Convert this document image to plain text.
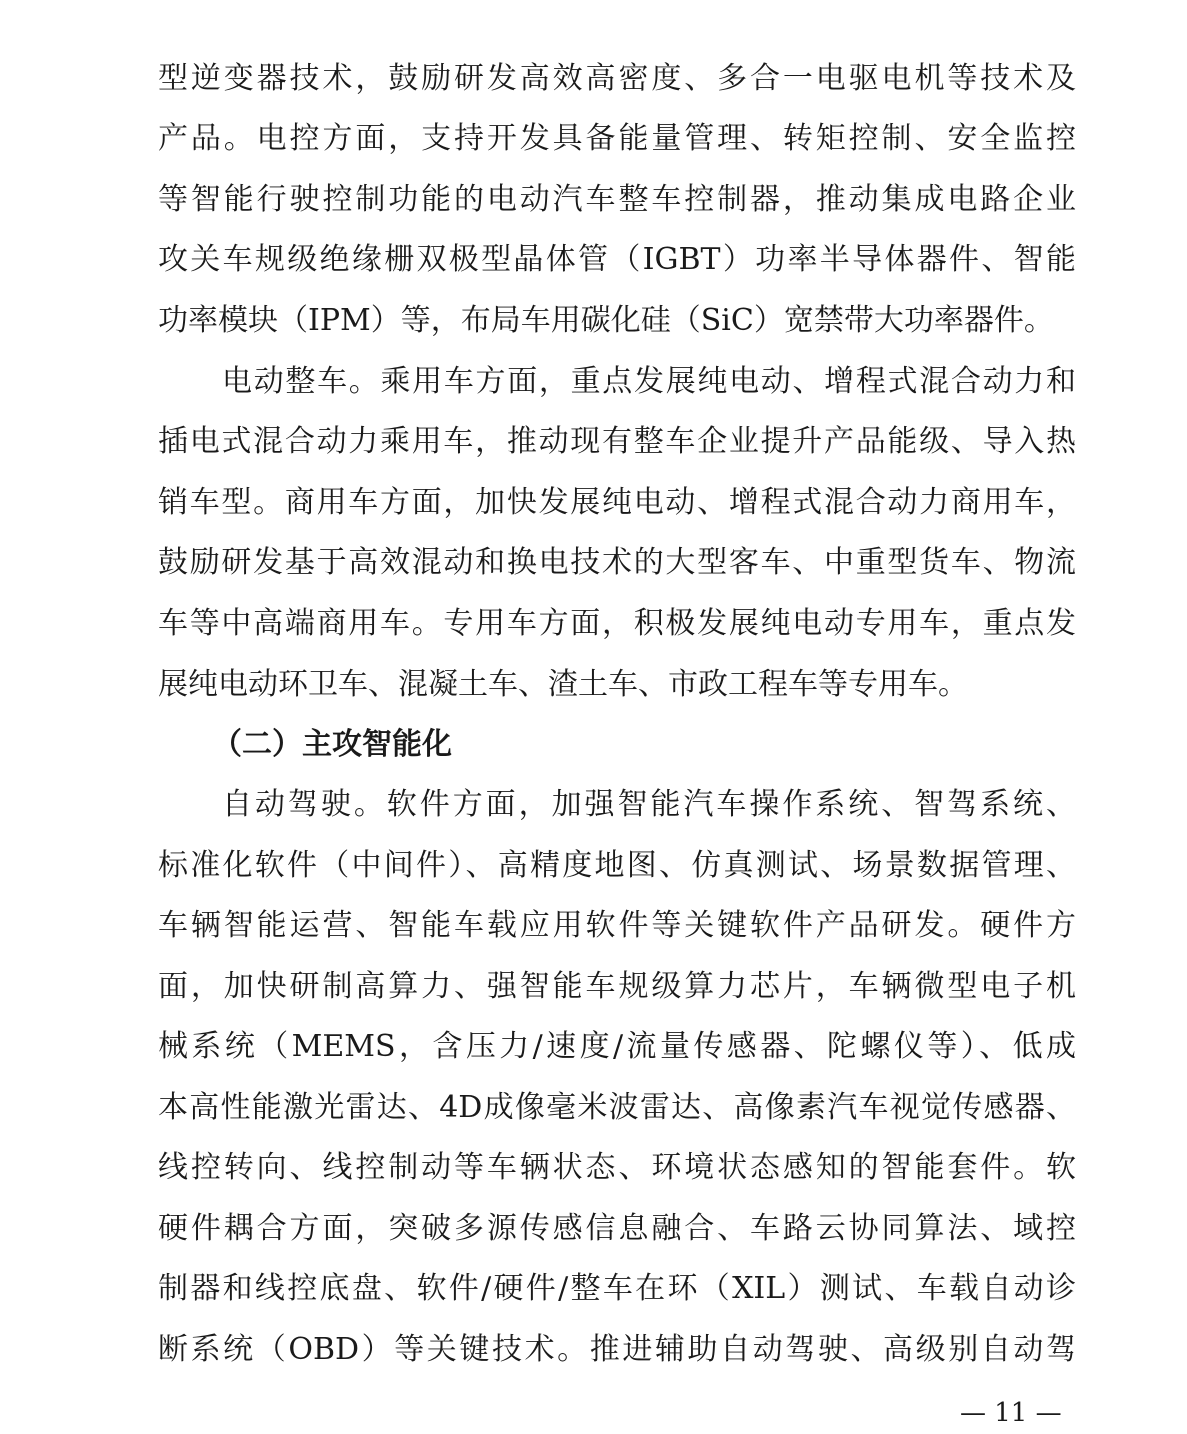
型逆变器技术，鼓励研发高效高密度、多合一电驱电机等技术及
产品。电控方面，支持开发具备能量管理、转矩控制、安全监控
等智能行驶控制功能的电动汽车整车控制器，推动集成电路企业
攻关车规级绝缘栅双极型晶体管（IGBT）功率半导体器件、智能
功率模块（IPM）等，布局车用碳化硅（SiC）宽禁带大功率器件。
电动整车。乘用车方面，重点发展纯电动、增程式混合动力和
插电式混合动力乘用车，推动现有整车企业提升产品能级、导入热
销车型。商用车方面，加快发展纯电动、增程式混合动力商用车，
鼓励研发基于高效混动和换电技术的大型客车、中重型货车、物流
车等中高端商用车。专用车方面，积极发展纯电动专用车，重点发
展纯电动环卫车、混凝土车、渣土车、市政工程车等专用车。
（二）主攻智能化
自动驾驶。软件方面，加强智能汽车操作系统、智驾系统、
标准化软件（中间件）、高精度地图、仿真测试、场景数据管理、
车辆智能运营、智能车载应用软件等关键软件产品研发。硬件方
面，加快研制高算力、强智能车规级算力芯片，车辆微型电子机
械系统（MEMS，含压力/速度/流量传感器、陀螺仪等）、低成
本高性能激光雷达、4D成像毫米波雷达、高像素汽车视觉传感器、
线控转向、线控制动等车辆状态、环境状态感知的智能套件。软
硬件耦合方面，突破多源传感信息融合、车路云协同算法、域控
制器和线控底盘、软件/硬件/整车在环（XIL）测试、车载自动诊
断系统（OBD）等关键技术。推进辅助自动驾驶、高级别自动驾
— 11 —
